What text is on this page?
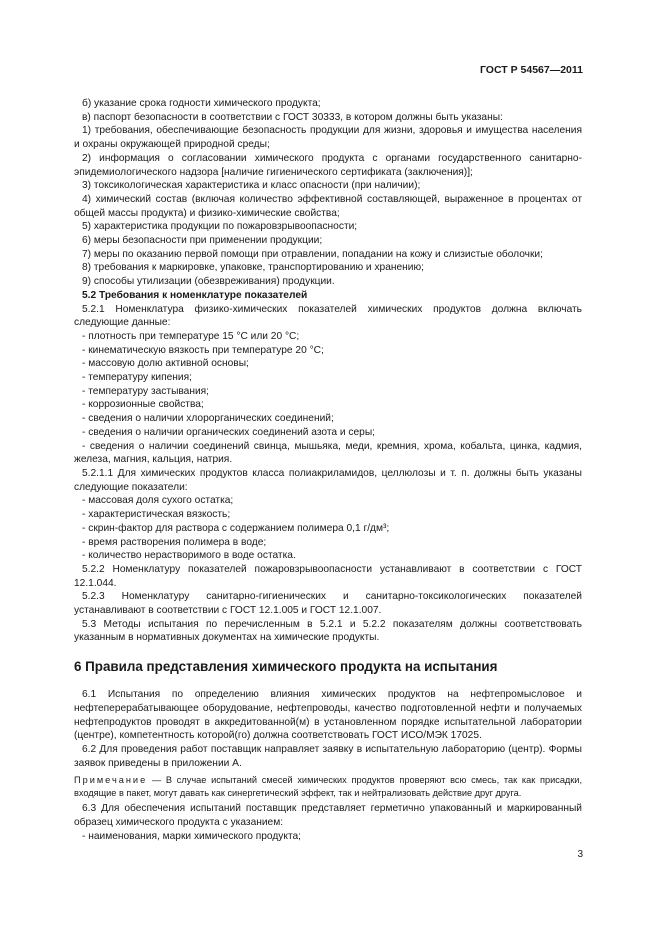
ГОСТ Р 54567—2011

б) указание срока годности химического продукта;

в) паспорт безопасности в соответствии с ГОСТ 30333, в котором должны быть указаны:

1) требования, обеспечивающие безопасность продукции для жизни, здоровья и имущества населения и охраны окружающей природной среды;

2) информация о согласовании химического продукта с органами государственного санитарно-эпидемиологического надзора [наличие гигиенического сертификата (заключения)];

3) токсикологическая характеристика и класс опасности (при наличии);

4) химический состав (включая количество эффективной составляющей, выраженное в процентах от общей массы продукта) и физико-химические свойства;

5) характеристика продукции по пожаровзрывоопасности;

6) меры безопасности при применении продукции;

7) меры по оказанию первой помощи при отравлении, попадании на кожу и слизистые оболочки;

8) требования к маркировке, упаковке, транспортированию и хранению;

9) способы утилизации (обезвреживания) продукции.

5.2 Требования к номенклатуре показателей

5.2.1 Номенклатура физико-химических показателей химических продуктов должна включать следующие данные:

- плотность при температуре 15 °С или 20 °С;

- кинематическую вязкость при температуре 20 °С;

- массовую долю активной основы;

- температуру кипения;

- температуру застывания;

- коррозионные свойства;

- сведения о наличии хлорорганических соединений;

- сведения о наличии органических соединений азота и серы;

- сведения о наличии соединений свинца, мышьяка, меди, кремния, хрома, кобальта, цинка, кадмия, железа, магния, кальция, натрия.

5.2.1.1 Для химических продуктов класса полиакриламидов, целлюлозы и т. п. должны быть указаны следующие показатели:

- массовая доля сухого остатка;

- характеристическая вязкость;

- скрин-фактор для раствора с содержанием полимера 0,1 г/дм³;

- время растворения полимера в воде;

- количество нерастворимого в воде остатка.

5.2.2 Номенклатуру показателей пожаровзрывоопасности устанавливают в соответствии с ГОСТ 12.1.044.

5.2.3 Номенклатуру санитарно-гигиенических и санитарно-токсикологических показателей устанавливают в соответствии с ГОСТ 12.1.005 и ГОСТ 12.1.007.

5.3 Методы испытания по перечисленным в 5.2.1 и 5.2.2 показателям должны соответствовать указанным в нормативных документах на химические продукты.

6 Правила представления химического продукта на испытания

6.1 Испытания по определению влияния химических продуктов на нефтепромысловое и нефтеперерабатывающее оборудование, нефтепроводы, качество подготовленной нефти и получаемых нефтепродуктов проводят в аккредитованной(м) в установленном порядке испытательной лаборатории (центре), компетентность которой(го) должна соответствовать ГОСТ ИСО/МЭК 17025.

6.2 Для проведения работ поставщик направляет заявку в испытательную лабораторию (центр). Формы заявок приведены в приложении А.

Примечание — В случае испытаний смесей химических продуктов проверяют всю смесь, так как присадки, входящие в пакет, могут давать как синергетический эффект, так и нейтрализовать действие друг друга.

6.3 Для обеспечения испытаний поставщик представляет герметично упакованный и маркированный образец химического продукта с указанием:

- наименования, марки химического продукта;

3
